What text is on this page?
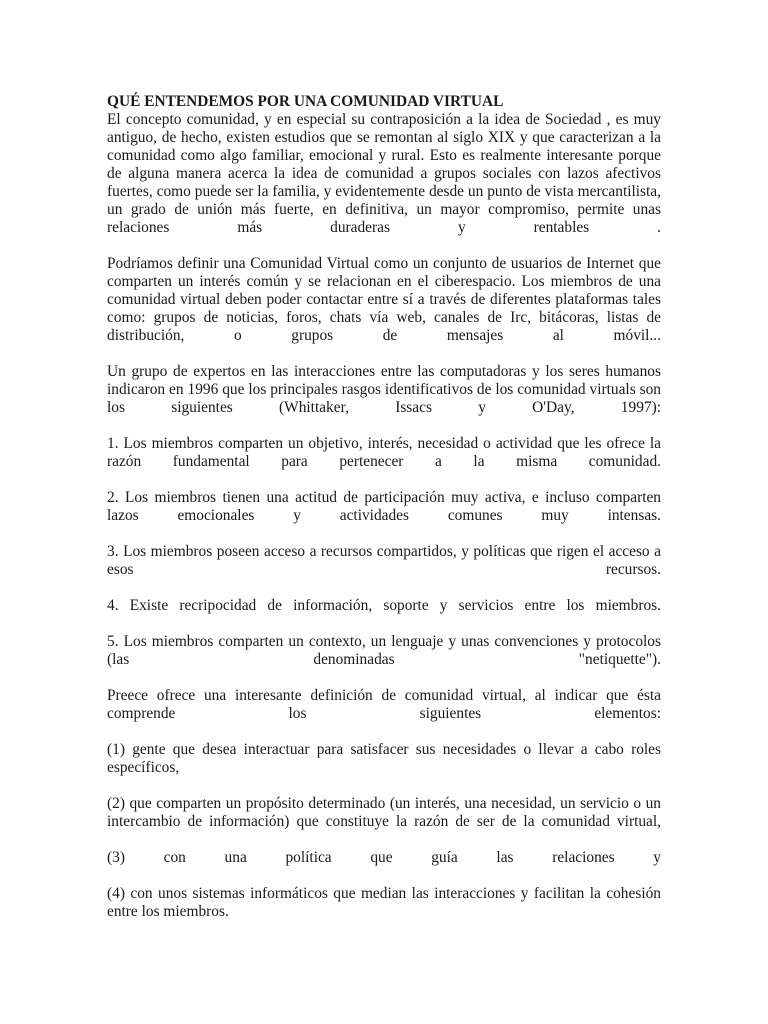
QUÉ ENTENDEMOS POR UNA COMUNIDAD VIRTUAL
El concepto comunidad, y en especial su contraposición a la idea de Sociedad , es muy antiguo, de hecho, existen estudios que se remontan al siglo XIX y que caracterizan a la comunidad como algo familiar, emocional y rural. Esto es realmente interesante porque de alguna manera acerca la idea de comunidad a grupos sociales con lazos afectivos fuertes, como puede ser la familia, y evidentemente desde un punto de vista mercantilista, un grado de unión más fuerte, en definitiva, un mayor compromiso, permite unas relaciones más duraderas y rentables .
Podríamos definir una Comunidad Virtual como un conjunto de usuarios de Internet que comparten un interés común y se relacionan en el ciberespacio. Los miembros de una comunidad virtual deben poder contactar entre sí a través de diferentes plataformas tales como: grupos de noticias, foros, chats vía web, canales de Irc, bitácoras, listas de distribución, o grupos de mensajes al móvil...
Un grupo de expertos en las interacciones entre las computadoras y los seres humanos indicaron en 1996 que los principales rasgos identificativos de los comunidad virtuals son los siguientes (Whittaker, Issacs y O'Day, 1997):
1. Los miembros comparten un objetivo, interés, necesidad o actividad que les ofrece la razón fundamental para pertenecer a la misma comunidad.
2. Los miembros tienen una actitud de participación muy activa, e incluso comparten lazos emocionales y actividades comunes muy intensas.
3. Los miembros poseen acceso a recursos compartidos, y políticas que rigen el acceso a esos recursos.
4. Existe recripocidad de información, soporte y servicios entre los miembros.
5. Los miembros comparten un contexto, un lenguaje y unas convenciones y protocolos (las denominadas "netiquette").
Preece ofrece una interesante definición de comunidad virtual, al indicar que ésta comprende los siguientes elementos:
(1) gente que desea interactuar para satisfacer sus necesidades o llevar a cabo roles específicos,
(2) que comparten un propósito determinado (un interés, una necesidad, un servicio o un intercambio de información) que constituye la razón de ser de la comunidad virtual,
(3) con una política que guía las relaciones y
(4) con unos sistemas informáticos que median las interacciones y facilitan la cohesión entre los miembros.
